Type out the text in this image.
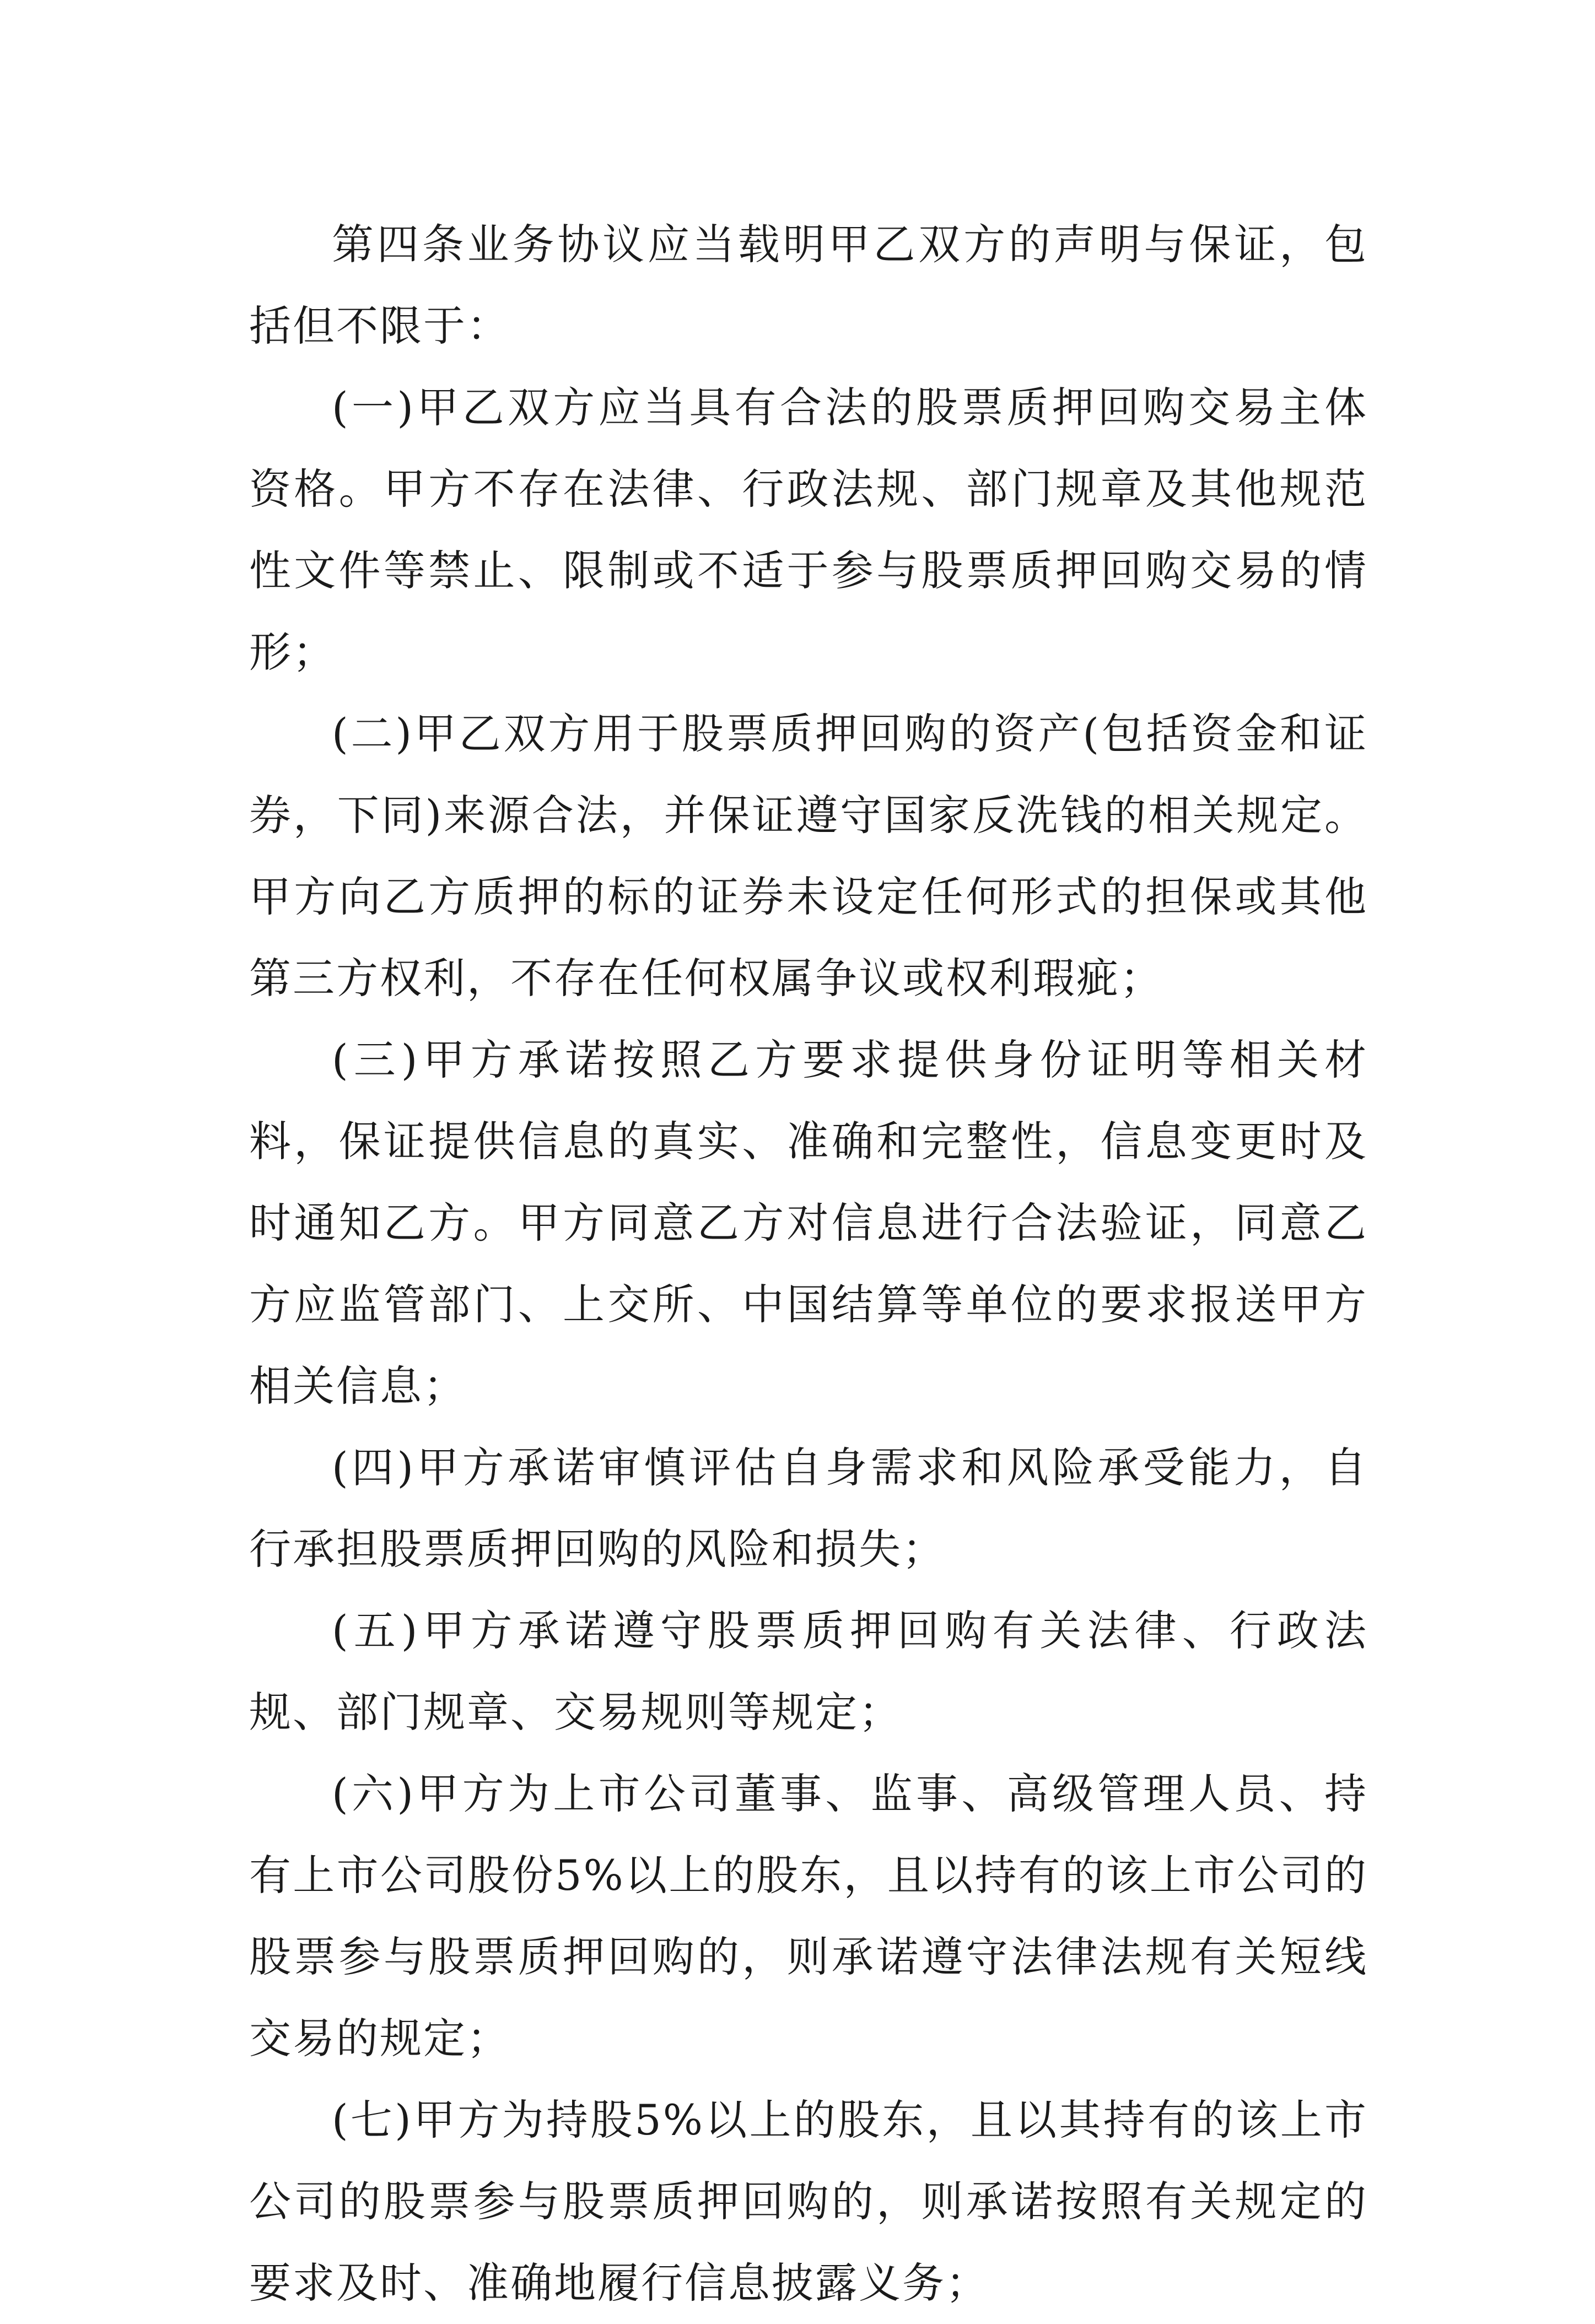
第四条业务协议应当载明甲乙双方的声明与保证，包括但不限于：

(一)甲乙双方应当具有合法的股票质押回购交易主体资格。甲方不存在法律、行政法规、部门规章及其他规范性文件等禁止、限制或不适于参与股票质押回购交易的情形；

(二)甲乙双方用于股票质押回购的资产(包括资金和证券，下同)来源合法，并保证遵守国家反洗钱的相关规定。甲方向乙方质押的标的证券未设定任何形式的担保或其他第三方权利，不存在任何权属争议或权利瑕疵；

(三)甲方承诺按照乙方要求提供身份证明等相关材料，保证提供信息的真实、准确和完整性，信息变更时及时通知乙方。甲方同意乙方对信息进行合法验证，同意乙方应监管部门、上交所、中国结算等单位的要求报送甲方相关信息；

(四)甲方承诺审慎评估自身需求和风险承受能力，自行承担股票质押回购的风险和损失；

(五)甲方承诺遵守股票质押回购有关法律、行政法规、部门规章、交易规则等规定；

(六)甲方为上市公司董事、监事、高级管理人员、持有上市公司股份5%以上的股东，且以持有的该上市公司的股票参与股票质押回购的，则承诺遵守法律法规有关短线交易的规定；

(七)甲方为持股5%以上的股东，且以其持有的该上市公司的股票参与股票质押回购的，则承诺按照有关规定的要求及时、准确地履行信息披露义务；
